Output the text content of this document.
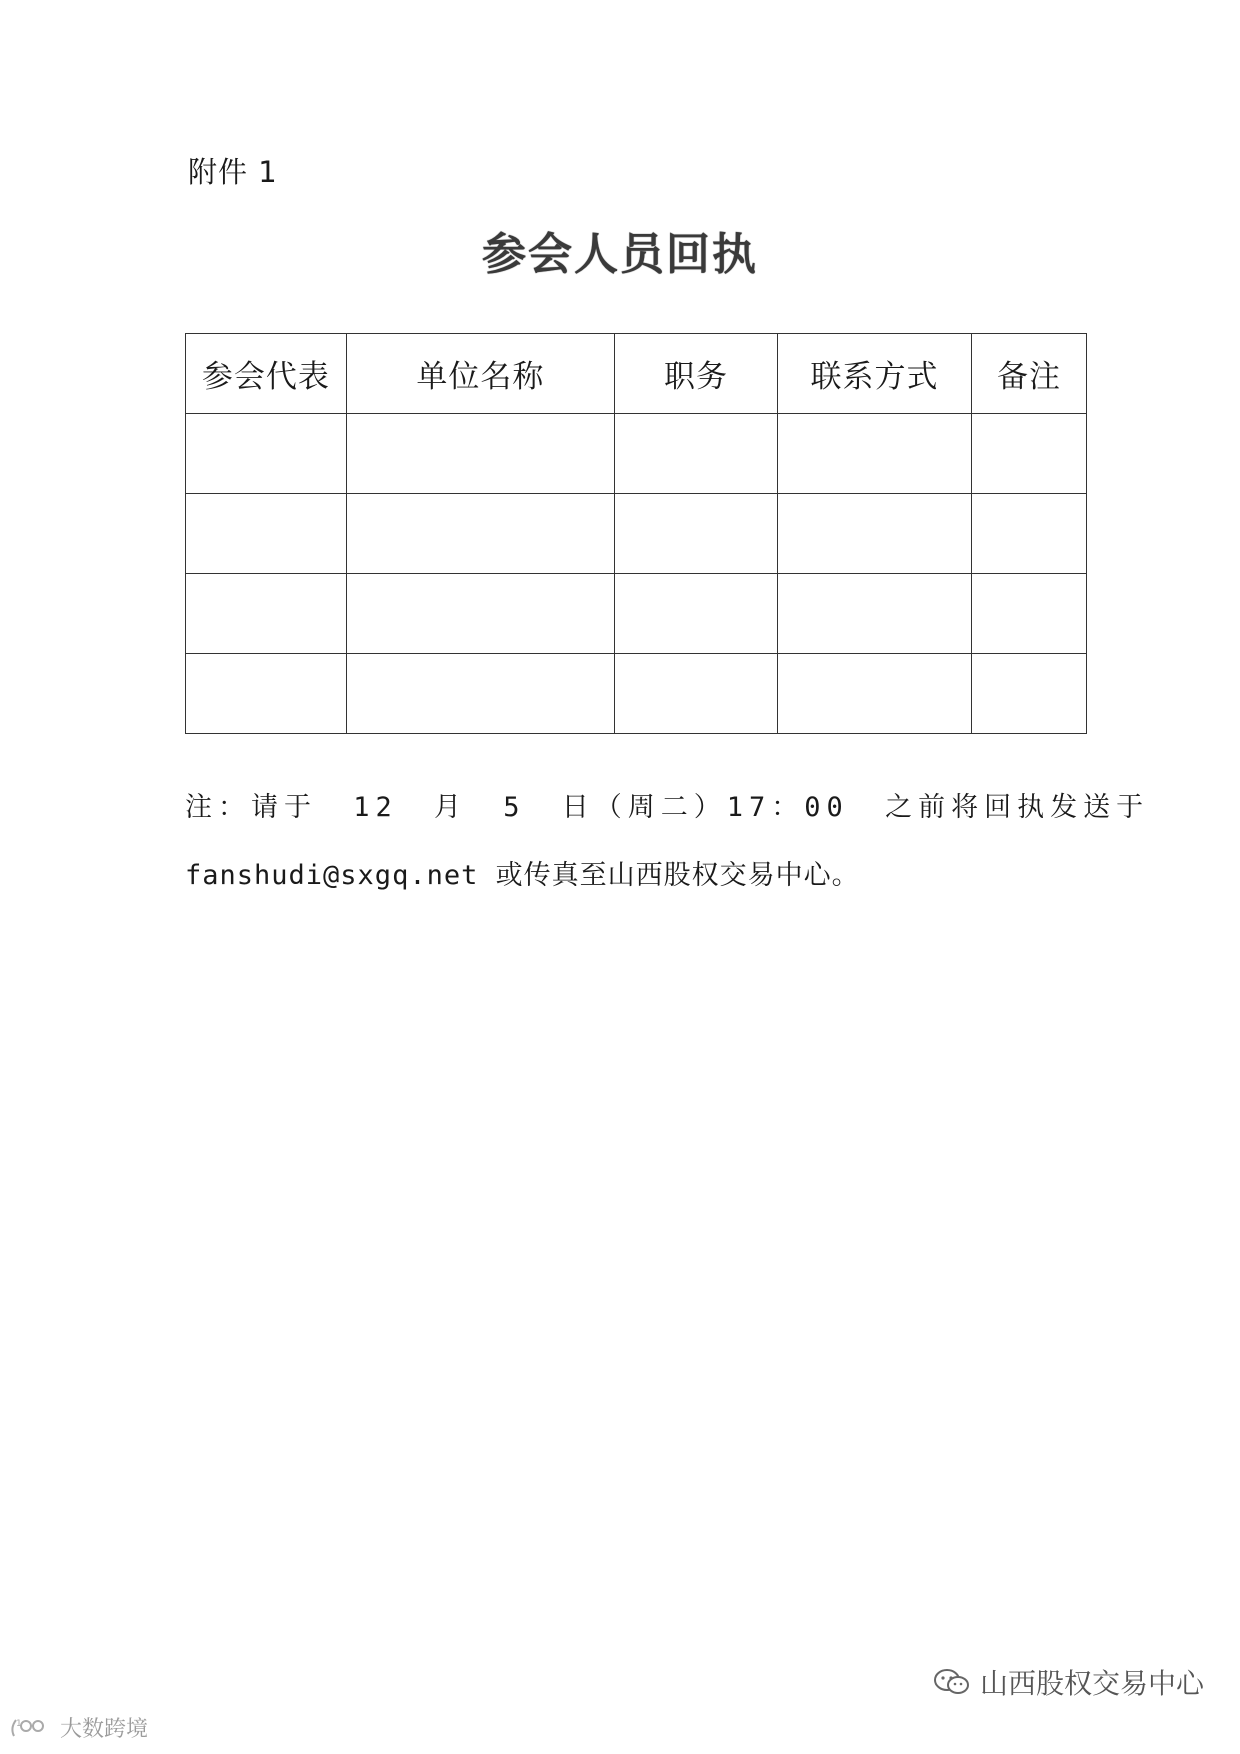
附件 1
参会人员回执
参会代表	单位名称	职务	联系方式	备注

注：请于 12 月 5 日（周二）17：00 之前将回执发送于
fanshudi@sxgq.net 或传真至山西股权交易中心。
山西股权交易中心
1 大数跨境
